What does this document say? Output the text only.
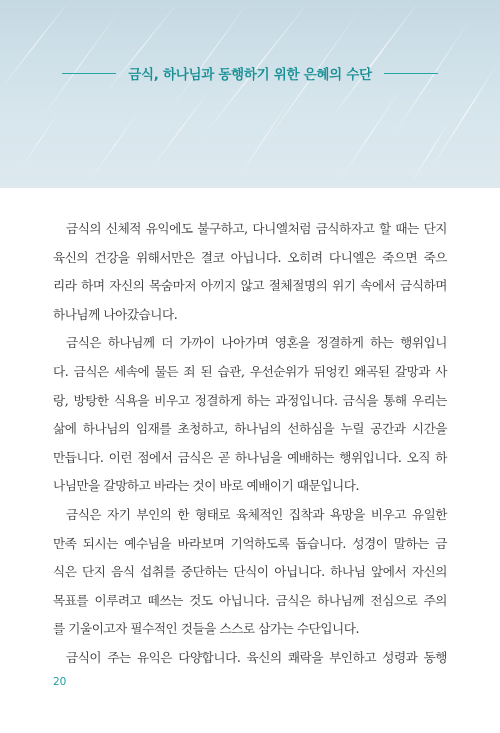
금식, 하나님과 동행하기 위한 은혜의 수단
금식의 신체적 유익에도 불구하고, 다니엘처럼 금식하자고 할 때는 단지
육신의 건강을 위해서만은 결코 아닙니다. 오히려 다니엘은 죽으면 죽으
리라 하며 자신의 목숨마저 아끼지 않고 절체절명의 위기 속에서 금식하며
하나님께 나아갔습니다.
금식은 하나님께 더 가까이 나아가며 영혼을 정결하게 하는 행위입니
다. 금식은 세속에 물든 죄 된 습관, 우선순위가 뒤엉킨 왜곡된 갈망과 사
랑, 방탕한 식욕을 비우고 정결하게 하는 과정입니다. 금식을 통해 우리는
삶에 하나님의 임재를 초청하고, 하나님의 선하심을 누릴 공간과 시간을
만듭니다. 이런 점에서 금식은 곧 하나님을 예배하는 행위입니다. 오직 하
나님만을 갈망하고 바라는 것이 바로 예배이기 때문입니다.
금식은 자기 부인의 한 형태로 육체적인 집착과 욕망을 비우고 유일한
만족 되시는 예수님을 바라보며 기억하도록 돕습니다. 성경이 말하는 금
식은 단지 음식 섭취를 중단하는 단식이 아닙니다. 하나님 앞에서 자신의
목표를 이루려고 떼쓰는 것도 아닙니다. 금식은 하나님께 전심으로 주의
를 기울이고자 필수적인 것들을 스스로 삼가는 수단입니다.
금식이 주는 유익은 다양합니다. 육신의 쾌락을 부인하고 성령과 동행
20
